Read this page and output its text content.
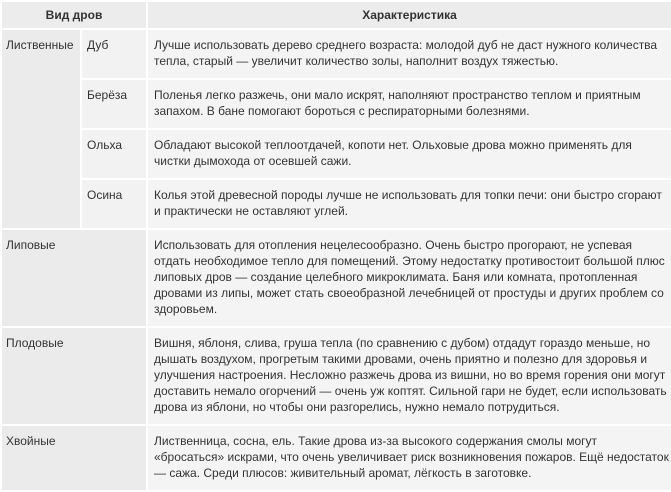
Вид дров		Характеристика
Лиственные	Дуб	Лучше использовать дерево среднего возраста: молодой дуб не даст нужного количества тепла, старый — увеличит количество золы, наполнит воздух тяжестью.
	Берёза	Поленья легко разжечь, они мало искрят, наполняют пространство теплом и приятным запахом. В бане помогают бороться с респираторными болезнями.
	Ольха	Обладают высокой теплоотдачей, копоти нет. Ольховые дрова можно применять для чистки дымохода от осевшей сажи.
	Осина	Колья этой древесной породы лучше не использовать для топки печи: они быстро сгорают и практически не оставляют углей.
Липовые		Использовать для отопления нецелесообразно. Очень быстро прогорают, не успевая отдать необходимое тепло для помещений. Этому недостатку противостоит большой плюс липовых дров — создание целебного микроклимата. Баня или комната, протопленная дровами из липы, может стать своеобразной лечебницей от простуды и других проблем со здоровьем.
Плодовые		Вишня, яблоня, слива, груша тепла (по сравнению с дубом) отдадут гораздо меньше, но дышать воздухом, прогретым такими дровами, очень приятно и полезно для здоровья и улучшения настроения. Несложно разжечь дрова из вишни, но во время горения они могут доставить немало огорчений — очень уж коптят. Сильной гари не будет, если использовать дрова из яблони, но чтобы они разгорелись, нужно немало потрудиться.
Хвойные		Лиственница, сосна, ель. Такие дрова из-за высокого содержания смолы могут «бросаться» искрами, что очень увеличивает риск возникновения пожаров. Ещё недостаток — сажа. Среди плюсов: живительный аромат, лёгкость в заготовке.
